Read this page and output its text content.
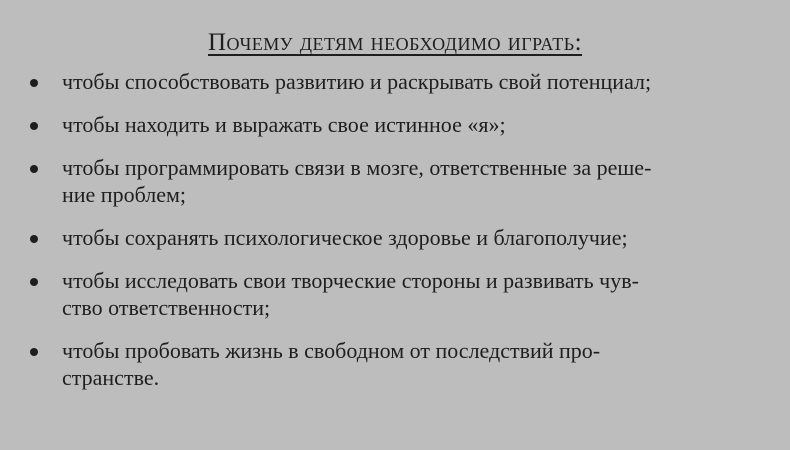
Почему детям необходимо играть:
чтобы способствовать развитию и раскрывать свой потенциал;
чтобы находить и выражать свое истинное «я»;
чтобы программировать связи в мозге, ответственные за реше-
ние проблем;
чтобы сохранять психологическое здоровье и благополучие;
чтобы исследовать свои творческие стороны и развивать чув-
ство ответственности;
чтобы пробовать жизнь в свободном от последствий про-
странстве.
